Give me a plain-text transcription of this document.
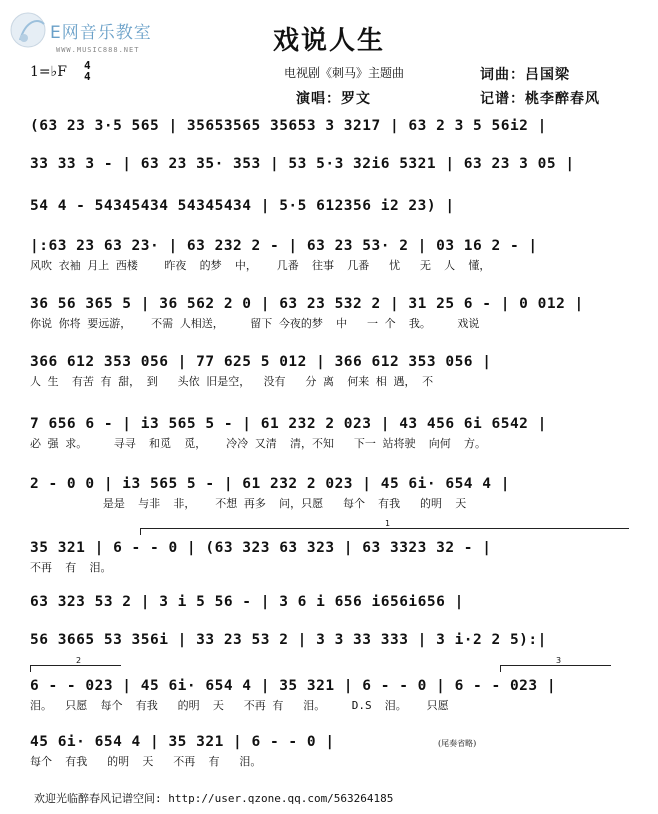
E网音乐教室
WWW.MUSIC888.NET	戏说人生
1=♭F 4
4	电视剧《刺马》主题曲
演唱：罗文
词曲：吕国梁
记谱：桃李醉春风
(63 23 3·5 565 | 35653565 35653 3 3217 | 63 2 3 5 56i2 |
33 33 3 - | 63 23 35· 353 | 53 5·3 32i6 5321 | 63 23 3 05 |
54 4 - 54345434 54345434 | 5·5 612356 i2 23) |
|:63 23 63 23· | 63 232 2 - | 63 23 53· 2 | 03 16 2 - |
风吹 衣袖 月上 西楼    昨夜  的梦  中，   几番  往事  几番   忧   无  人  懂，
36 56 365 5 | 36 562 2 0 | 63 23 532 2 | 31 25 6 - | 0 012 |
你说 你将 要远游，   不需 人相送，    留下 今夜的梦  中   一 个  我。    戏说
366 612 353 056 | 77 625 5 012 | 366 612 353 056 |
人 生  有苦 有 甜， 到   头依 旧是空，  没有   分 离  何来 相 遇， 不
7 656 6 - | i3 565 5 - | 61 232 2 023 | 43 456 6i 6542 |
必 强 求。    寻寻  和觅  觅，   冷冷 又清  清，不知   下一 站将驶  向何  方。
2 - 0 0 | i3 565 5 - | 61 232 2 023 | 45 6i· 654 4 |
是是  与非  非，   不想 再多  问，只愿   每个  有我   的明  天
1
35 321 | 6 - - 0 | (63 323 63 323 | 63 3323 32 - |
不再  有  泪。
63 323 53 2 | 3 i 5 56 - | 3 6 i 656 i656i656 |
56 3665 53 356i | 33 23 53 2 | 3 3 33 333 | 3 i·2 2 5):|
2	3
6 - - 023 | 45 6i· 654 4 | 35 321 | 6 - - 0 | 6 - - 023 |
泪。  只愿  每个  有我   的明  天   不再 有   泪。    D.S  泪。   只愿
45 6i· 654 4 | 35 321 | 6 - - 0 |
每个  有我   的明  天   不再  有   泪。
(尾奏省略)
欢迎光临醉春风记谱空间: http://user.qzone.qq.com/563264185
